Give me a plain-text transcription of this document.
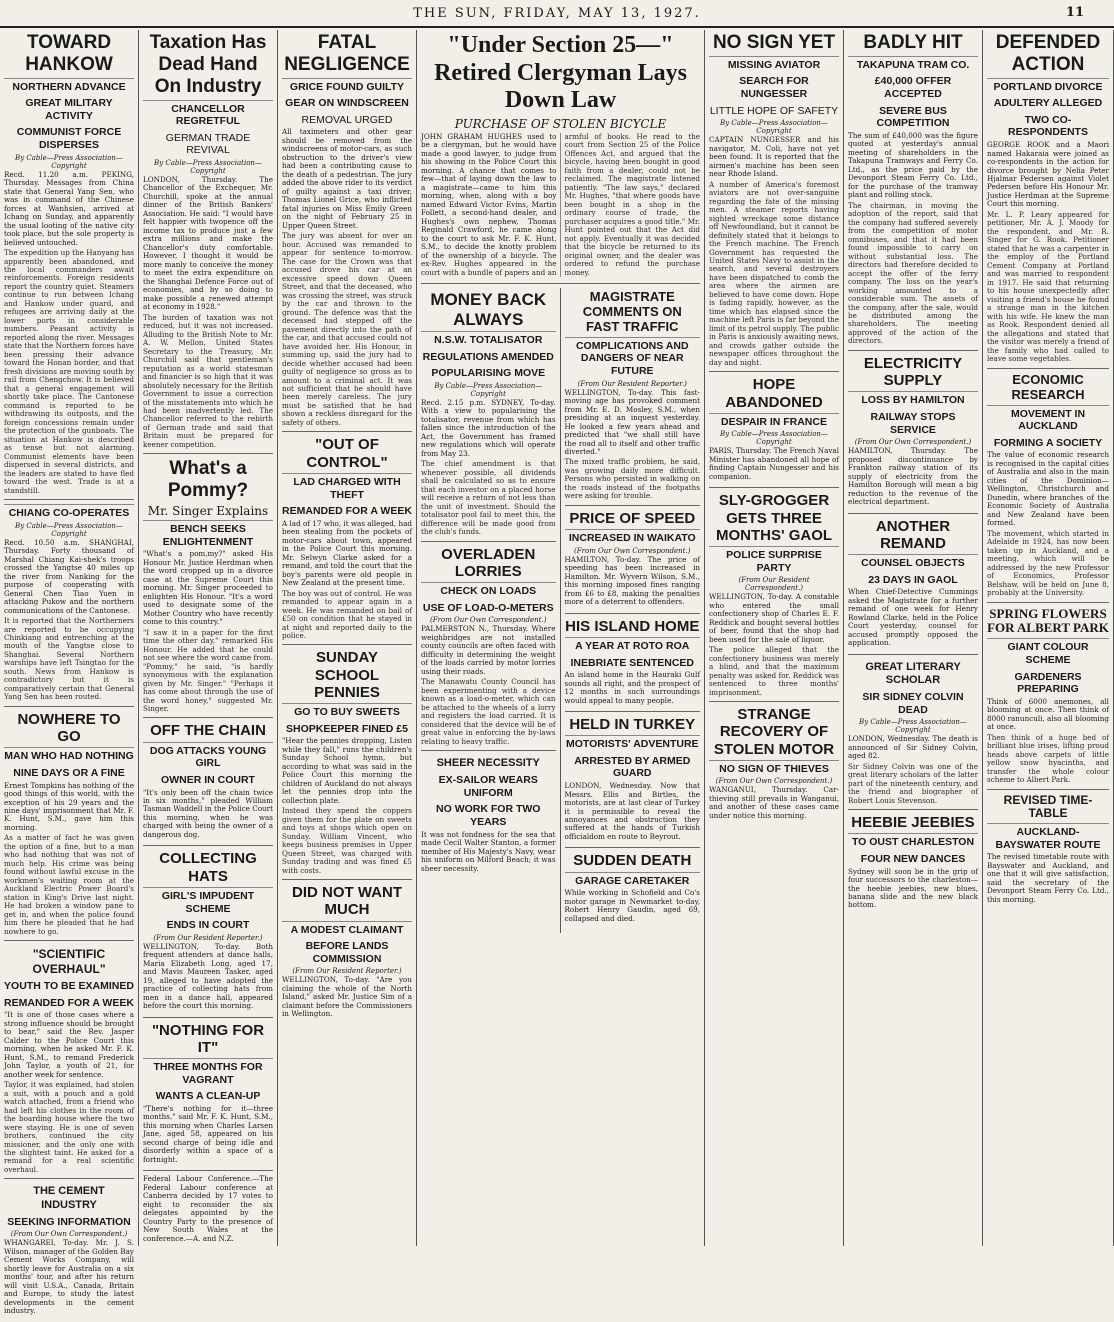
THE SUN, FRIDAY, MAY 13, 1927.	11
TOWARD HANKOW
NORTHERN ADVANCE
GREAT MILITARY ACTIVITY
COMMUNIST FORCE DISPERSES
By Cable—Press Association—Copyright
Recd. 11.20 a.m. PEKING, Thursday. Messages from China state that General Yang Sen, who was in command of the Chinese forces at Wanhsien, arrived at Ichang on Sunday, and apparently the usual looting of the native city took place, but the sole property is believed untouched.
The expedition up the Hanyang has apparently been abandoned, and the local commanders await reinforcements. Foreign residents report the country quiet. Steamers continue to run between Ichang and Hankow under guard, and refugees are arriving daily at the lower ports in considerable numbers. Peasant activity is reported along the river. Messages state that the Northern forces have been pressing their advance toward the Honan border, and that fresh divisions are moving south by rail from Chengchow. It is believed that a general engagement will shortly take place. The Cantonese command is reported to be withdrawing its outposts, and the foreign concessions remain under the protection of the gunboats. The situation at Hankow is described as tense but not alarming. Communist elements have been dispersed in several districts, and the leaders are stated to have fled toward the west. Trade is at a standstill.
CHIANG CO-OPERATES
By Cable—Press Association—Copyright
Recd. 10.50 a.m. SHANGHAI, Thursday. Forty thousand of Marshal Chiang Kai-shek's troops crossed the Yangtse 40 miles up the river from Nanking for the purpose of cooperating with General Chen Tiao Yuen in attacking Pukow and the northern communications of the Cantonese.
It is reported that the Northerners are reported to be occupying Chinkiang and entrenching at the mouth of the Yangtse close to Shanghai. Several Northern warships have left Tsingtao for the south. News from Hankow is contradictory but it is comparatively certain that General Yang Sen has been routed.
NOWHERE TO GO
MAN WHO HAD NOTHING
NINE DAYS OR A FINE
Ernest Tompkins has nothing of the good things of this world, with the exception of his 29 years and the nine days' imprisonment that Mr. F. K. Hunt, S.M., gave him this morning.
As a matter of fact he was given the option of a fine, but to a man who had nothing that was not of much help. His crime was being found without lawful excuse in the workmen's waiting room at the Auckland Electric Power Board's station in King's Drive last night. He had broken a window pane to get in, and when the police found him there he pleaded that he had nowhere to go.
"SCIENTIFIC OVERHAUL"
YOUTH TO BE EXAMINED
REMANDED FOR A WEEK
"It is one of those cases where a strong influence should be brought to bear," said the Rev. Jasper Calder to the Police Court this morning, when he asked Mr. F. K. Hunt, S.M., to remand Frederick John Taylor, a youth of 21, for another week for sentence.
Taylor, it was explained, had stolen a suit, with a pouch and a gold watch attached, from a friend who had left his clothes in the room of the boarding house where the two were staying. He is one of seven brothers, continued the city missioner, and the only one with the slightest taint. He asked for a remand for a real scientific overhaul.
THE CEMENT INDUSTRY
SEEKING INFORMATION
(From Our Own Correspondent.)
WHANGAREI, To-day. Mr. J. S. Wilson, manager of the Golden Bay Cement Works Company, will shortly leave for Australia on a six months' tour, and after his return will visit U.S.A., Canada, Britain and Europe, to study the latest developments in the cement industry.
Taxation Has Dead Hand On Industry
CHANCELLOR REGRETFUL
GERMAN TRADE REVIVAL
By Cable—Press Association—Copyright
LONDON, Thursday. The Chancellor of the Exchequer, Mr. Churchill, spoke at the annual dinner of the British Bankers' Association. He said: "I would have felt happier with twopence off the income tax to produce just a few extra millions and make the Chancellor's duty comfortable. However, I thought it would be more manly to conceive the money to meet the extra expenditure on the Shanghai Defence Force out of economies, and by so doing to make possible a renewed attempt at economy in 1928."
The burden of taxation was not reduced, but it was not increased. Alluding to the British Note to Mr. A. W. Mellon, United States Secretary to the Treasury, Mr. Churchill said that gentleman's reputation as a world statesman and financier is so high that it was absolutely necessary for the British Government to issue a correction of the misstatements into which he had been inadvertently led. The Chancellor referred to the rebirth of German trade and said that Britain must be prepared for keener competition.
What's a Pommy?
Mr. Singer Explains
BENCH SEEKS ENLIGHTENMENT
"What's a pom,my?" asked His Honour Mr. Justice Herdman when the word cropped up in a divorce case at the Supreme Court this morning. Mr. Singer proceeded to enlighten His Honour. "It's a word used to designate some of the Mother Country who have recently come to this country."
"I saw it in a paper for the first time the other day," remarked His Honour. He added that he could not see where the word came from. "Pommy," he said, "is hardly synonymous with the explanation given by Mr. Singer." "Perhaps it has come about through the use of the word honey," suggested Mr. Singer.
OFF THE CHAIN
DOG ATTACKS YOUNG GIRL
OWNER IN COURT
"It's only been off the chain twice in six months," pleaded William Tasman Waddell in the Police Court this morning, when he was charged with being the owner of a dangerous dog.
COLLECTING HATS
GIRL'S IMPUDENT SCHEME
ENDS IN COURT
(From Our Resident Reporter.)
WELLINGTON, To-day. Both frequent attenders at dance halls, Maria Elizabeth Long, aged 17, and Mavis Maureen Tasker, aged 19, alleged to have adopted the practice of collecting hats from men in a dance hall, appeared before the court this morning.
"NOTHING FOR IT"
THREE MONTHS FOR VAGRANT
WANTS A CLEAN-UP
"There's nothing for it—three months," said Mr. F. K. Hunt, S.M., this morning when Charles Larsen Jane, aged 58, appeared on his second charge of being idle and disorderly within a space of a fortnight.
Federal Labour Conference.—The Federal Labour conference at Canberra decided by 17 votes to eight to reconsider the six delegates appointed by the Country Party to the presence of New South Wales at the conference.—A. and N.Z.
FATAL NEGLIGENCE
GRICE FOUND GUILTY
GEAR ON WINDSCREEN
REMOVAL URGED
All taximeters and other gear should be removed from the windscreens of motor-cars, as such obstruction to the driver's view had been a contributing cause to the death of a pedestrian. The jury added the above rider to its verdict of guilty against a taxi driver, Thomas Lionel Grice, who inflicted fatal injuries on Miss Emily Green on the night of February 25 in Upper Queen Street.
The jury was absent for over an hour. Accused was remanded to appear for sentence to-morrow. The case for the Crown was that accused drove his car at an excessive speed down Queen Street, and that the deceased, who was crossing the street, was struck by the car and thrown to the ground. The defence was that the deceased had stepped off the pavement directly into the path of the car, and that accused could not have avoided her. His Honour, in summing up, said the jury had to decide whether accused had been guilty of negligence so gross as to amount to a criminal act. It was not sufficient that he should have been merely careless. The jury must be satisfied that he had shown a reckless disregard for the safety of others.
"OUT OF CONTROL"
LAD CHARGED WITH THEFT
REMANDED FOR A WEEK
A lad of 17 who, it was alleged, had been stealing from the pockets of motor-cars about town, appeared in the Police Court this morning. Mr. Selwyn Clarke asked for a remand, and told the court that the boy's parents were old people in New Zealand at the present time.
The boy was out of control. He was remanded to appear again in a week. He was remanded on bail of £50 on condition that he stayed in at night and reported daily to the police.
SUNDAY SCHOOL PENNIES
GO TO BUY SWEETS
SHOPKEEPER FINED £5
"Hear the pennies dropping, Listen while they fall," runs the children's Sunday School hymn, but according to what was said in the Police Court this morning the children of Auckland do not always let the pennies drop into the collection plate.
Instead they spend the coppers given them for the plate on sweets and toys at shops which open on Sunday. William Vincent, who keeps business premises in Upper Queen Street, was charged with Sunday trading and was fined £5 with costs.
DID NOT WANT MUCH
A MODEST CLAIMANT
BEFORE LANDS COMMISSION
(From Our Resident Reporter.)
WELLINGTON, To-day. "Are you claiming the whole of the North Island," asked Mr. Justice Sim of a claimant before the Commissioners in Wellington.
"Under Section 25—" Retired Clergyman Lays Down Law
PURCHASE OF STOLEN BICYCLE
JOHN GRAHAM HUGHES used to be a clergyman, but he would have made a good lawyer, to judge from his showing in the Police Court this morning. A chance that comes to few—that of laying down the law to a magistrate—came to him this morning, when, along with a boy named Edward Victor Evins, Martin Follett, a second-hand dealer, and Hughes's own nephew, Thomas Reginald Crawford, he came along to the court to ask Mr. F. K. Hunt, S.M., to decide the knotty problem of the ownership of a bicycle. The ex-Rev. Hughes appeared in the court with a bundle of papers and an armful of books. He read to the court from Section 25 of the Police Offences Act, and argued that the bicycle, having been bought in good faith from a dealer, could not be reclaimed. The magistrate listened patiently. "The law says," declared Mr. Hughes, "that where goods have been bought in a shop in the ordinary course of trade, the purchaser acquires a good title." Mr. Hunt pointed out that the Act did not apply. Eventually it was decided that the bicycle be returned to its original owner, and the dealer was ordered to refund the purchase money.
MONEY BACK ALWAYS
N.S.W. TOTALISATOR
REGULATIONS AMENDED
POPULARISING MOVE
By Cable—Press Association—Copyright
Recd. 2.15 p.m. SYDNEY, To-day. With a view to popularising the totalisator, revenue from which has fallen since the introduction of the Act, the Government has framed new regulations which will operate from May 23.
The chief amendment is that whenever possible, all dividends shall be calculated so as to ensure that each investor on a placed horse will receive a return of not less than the unit of investment. Should the totalisator pool fail to meet this, the difference will be made good from the club's funds.
OVERLADEN LORRIES
CHECK ON LOADS
USE OF LOAD-O-METERS
(From Our Own Correspondent.)
PALMERSTON N., Thursday. Where weighbridges are not installed county councils are often faced with difficulty in determining the weight of the loads carried by motor lorries using their roads.
The Manawatu County Council has been experimenting with a device known as a load-o-meter, which can be attached to the wheels of a lorry and registers the load carried. It is considered that the device will be of great value in enforcing the by-laws relating to heavy traffic.
SHEER NECESSITY
EX-SAILOR WEARS UNIFORM
NO WORK FOR TWO YEARS
It was not fondness for the sea that made Cecil Walter Stanton, a former member of His Majesty's Navy, wear his uniform on Milford Beach; it was sheer necessity.
MAGISTRATE COMMENTS ON FAST TRAFFIC
COMPLICATIONS AND DANGERS OF NEAR FUTURE
(From Our Resident Reporter.)
WELLINGTON, To-day. This fast-moving age has provoked comment from Mr. E. D. Mosley, S.M., when presiding at an inquest yesterday. He looked a few years ahead and predicted that "we shall still have the road all to itself and other traffic diverted."
The mixed traffic problem, he said, was growing daily more difficult. Persons who persisted in walking on the roads instead of the footpaths were asking for trouble.
PRICE OF SPEED
INCREASED IN WAIKATO
(From Our Own Correspondent.)
HAMILTON, To-day. The price of speeding has been increased in Hamilton. Mr. Wyvern Wilson, S.M., this morning imposed fines ranging from £6 to £8, making the penalties more of a deterrent to offenders.
HIS ISLAND HOME
A YEAR AT ROTO ROA
INEBRIATE SENTENCED
An island home in the Hauraki Gulf sounds all right, and the prospect of 12 months in such surroundings would appeal to many people.
HELD IN TURKEY
MOTORISTS' ADVENTURE
ARRESTED BY ARMED GUARD
LONDON, Wednesday. Now that Messrs. Ellis and Birtles, the motorists, are at last clear of Turkey it is permissible to reveal the annoyances and obstruction they suffered at the hands of Turkish officialdom en route to Beyrout.
SUDDEN DEATH
GARAGE CARETAKER
While working in Schofield and Co's motor garage in Newmarket to-day, Robert Henry Gaudin, aged 69, collapsed and died.
NO SIGN YET
MISSING AVIATOR
SEARCH FOR NUNGESSER
LITTLE HOPE OF SAFETY
By Cable—Press Association—Copyright
CAPTAIN NUNGESSER and his navigator, M. Coli, have not yet been found. It is reported that the airmen's machine has been seen near Rhode Island.
A number of America's foremost aviators are not over-sanguine regarding the fate of the missing men. A steamer reports having sighted wreckage some distance off Newfoundland, but it cannot be definitely stated that it belongs to the French machine. The French Government has requested the United States Navy to assist in the search, and several destroyers have been dispatched to comb the area where the airmen are believed to have come down. Hope is fading rapidly, however, as the time which has elapsed since the machine left Paris is far beyond the limit of its petrol supply. The public in Paris is anxiously awaiting news, and crowds gather outside the newspaper offices throughout the day and night.
HOPE ABANDONED
DESPAIR IN FRANCE
By Cable—Press Association—Copyright
PARIS, Thursday. The French Naval Minister has abandoned all hope of finding Captain Nungesser and his companion.
SLY-GROGGER GETS THREE MONTHS' GAOL
POLICE SURPRISE PARTY
(From Our Resident Correspondent.)
WELLINGTON, To-day. A constable who entered the small confectionery shop of Charles E. F. Reddick and bought several bottles of beer, found that the shop had been used for the sale of liquor.
The police alleged that the confectionery business was merely a blind, and that the maximum penalty was asked for. Reddick was sentenced to three months' imprisonment.
STRANGE RECOVERY OF STOLEN MOTOR
NO SIGN OF THIEVES
(From Our Own Correspondent.)
WANGANUI, Thursday. Car-thieving still prevails in Wanganui, and another of these cases came under notice this morning.
BADLY HIT
TAKAPUNA TRAM CO.
£40,000 OFFER ACCEPTED
SEVERE BUS COMPETITION
The sum of £40,000 was the figure quoted at yesterday's annual meeting of shareholders in the Takapuna Tramways and Ferry Co. Ltd., as the price paid by the Devonport Steam Ferry Co. Ltd., for the purchase of the tramway plant and rolling stock.
The chairman, in moving the adoption of the report, said that the company had suffered severely from the competition of motor omnibuses, and that it had been found impossible to carry on without substantial loss. The directors had therefore decided to accept the offer of the ferry company. The loss on the year's working amounted to a considerable sum. The assets of the company, after the sale, would be distributed among the shareholders. The meeting approved of the action of the directors.
ELECTRICITY SUPPLY
LOSS BY HAMILTON
RAILWAY STOPS SERVICE
(From Our Own Correspondent.)
HAMILTON, Thursday. The proposed discontinuance by Frankton railway station of its supply of electricity from the Hamilton Borough will mean a big reduction to the revenue of the electrical department.
ANOTHER REMAND
COUNSEL OBJECTS
23 DAYS IN GAOL
When Chief-Detective Cummings asked the Magistrate for a further remand of one week for Henry Rowland Clarke, held in the Police Court yesterday, counsel for accused promptly opposed the application.
GREAT LITERARY SCHOLAR
SIR SIDNEY COLVIN DEAD
By Cable—Press Association—Copyright
LONDON, Wednesday. The death is announced of Sir Sidney Colvin, aged 82.
Sir Sidney Colvin was one of the great literary scholars of the latter part of the nineteenth century, and the friend and biographer of Robert Louis Stevenson.
HEEBIE JEEBIES
TO OUST CHARLESTON
FOUR NEW DANCES
Sydney will soon be in the grip of four successors to the charleston—the heebie jeebies, new blues, banana slide and the new black bottom.
DEFENDED ACTION
PORTLAND DIVORCE
ADULTERY ALLEGED
TWO CO-RESPONDENTS
GEORGE ROOK and a Maori named Hakaraia were joined as co-respondents in the action for divorce brought by Nelia Peter Hjalmar Pedersen against Violet Pedersen before His Honour Mr. Justice Herdman at the Supreme Court this morning.
Mr. L. P. Leary appeared for petitioner, Mr. A. J. Moody for the respondent, and Mr. R. Singer for G. Rook. Petitioner stated that he was a carpenter in the employ of the Portland Cement Company at Portland and was married to respondent in 1917. He said that returning to his house unexpectedly after visiting a friend's house he found a strange man in the kitchen with his wife. He knew the man as Rook. Respondent denied all the allegations and stated that the visitor was merely a friend of the family who had called to leave some vegetables.
ECONOMIC RESEARCH
MOVEMENT IN AUCKLAND
FORMING A SOCIETY
The value of economic research is recognised in the capital cities of Australia and also in the main cities of the Dominion—Wellington, Christchurch and Dunedin, where branches of the Economic Society of Australia and New Zealand have been formed.
The movement, which started in Adelaide in 1924, has now been taken up in Auckland, and a meeting, which will be addressed by the new Professor of Economics, Professor Belshaw, will be held on June 8, probably at the University.
SPRING FLOWERS FOR ALBERT PARK
GIANT COLOUR SCHEME
GARDENERS PREPARING
Think of 6000 anemones, all blooming at once. Then think of 8000 ranunculi, also all blooming at once.
Then think of a huge bed of brilliant blue irises, lifting proud heads above carpets of little yellow snow hyacinths, and transfer the whole colour scheme to Albert Park.
REVISED TIME-TABLE
AUCKLAND-BAYSWATER ROUTE
The revised timetable route with Bayswater and Auckland, and one that it will give satisfaction, said the secretary of the Devonport Steam Ferry Co. Ltd., this morning.
